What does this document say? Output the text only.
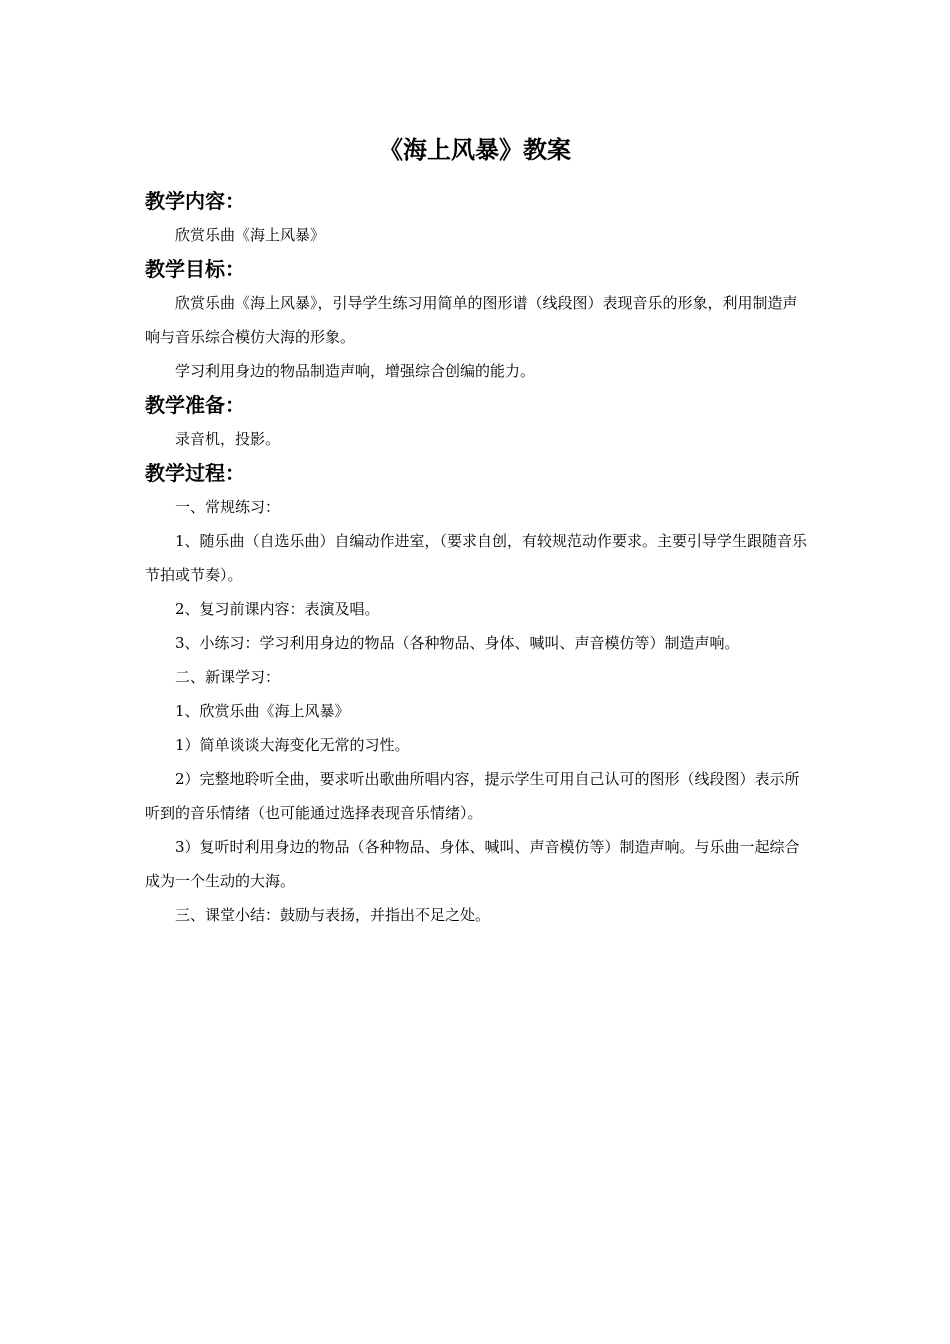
《海上风暴》教案
教学内容：

欣赏乐曲《海上风暴》

教学目标：

欣赏乐曲《海上风暴》，引导学生练习用简单的图形谱（线段图）表现音乐的形象，利用制造声响与音乐综合模仿大海的形象。

学习利用身边的物品制造声响，增强综合创编的能力。

教学准备：

录音机，投影。

教学过程：

一、常规练习：

1、随乐曲（自选乐曲）自编动作进室，（要求自创，有较规范动作要求。主要引导学生跟随音乐节拍或节奏）。

2、复习前课内容：表演及唱。

3、小练习：学习利用身边的物品（各种物品、身体、喊叫、声音模仿等）制造声响。

二、新课学习：

1、欣赏乐曲《海上风暴》

1）简单谈谈大海变化无常的习性。

2）完整地聆听全曲，要求听出歌曲所唱内容，提示学生可用自己认可的图形（线段图）表示所听到的音乐情绪（也可能通过选择表现音乐情绪）。

3）复听时利用身边的物品（各种物品、身体、喊叫、声音模仿等）制造声响。与乐曲一起综合成为一个生动的大海。

三、课堂小结：鼓励与表扬，并指出不足之处。
